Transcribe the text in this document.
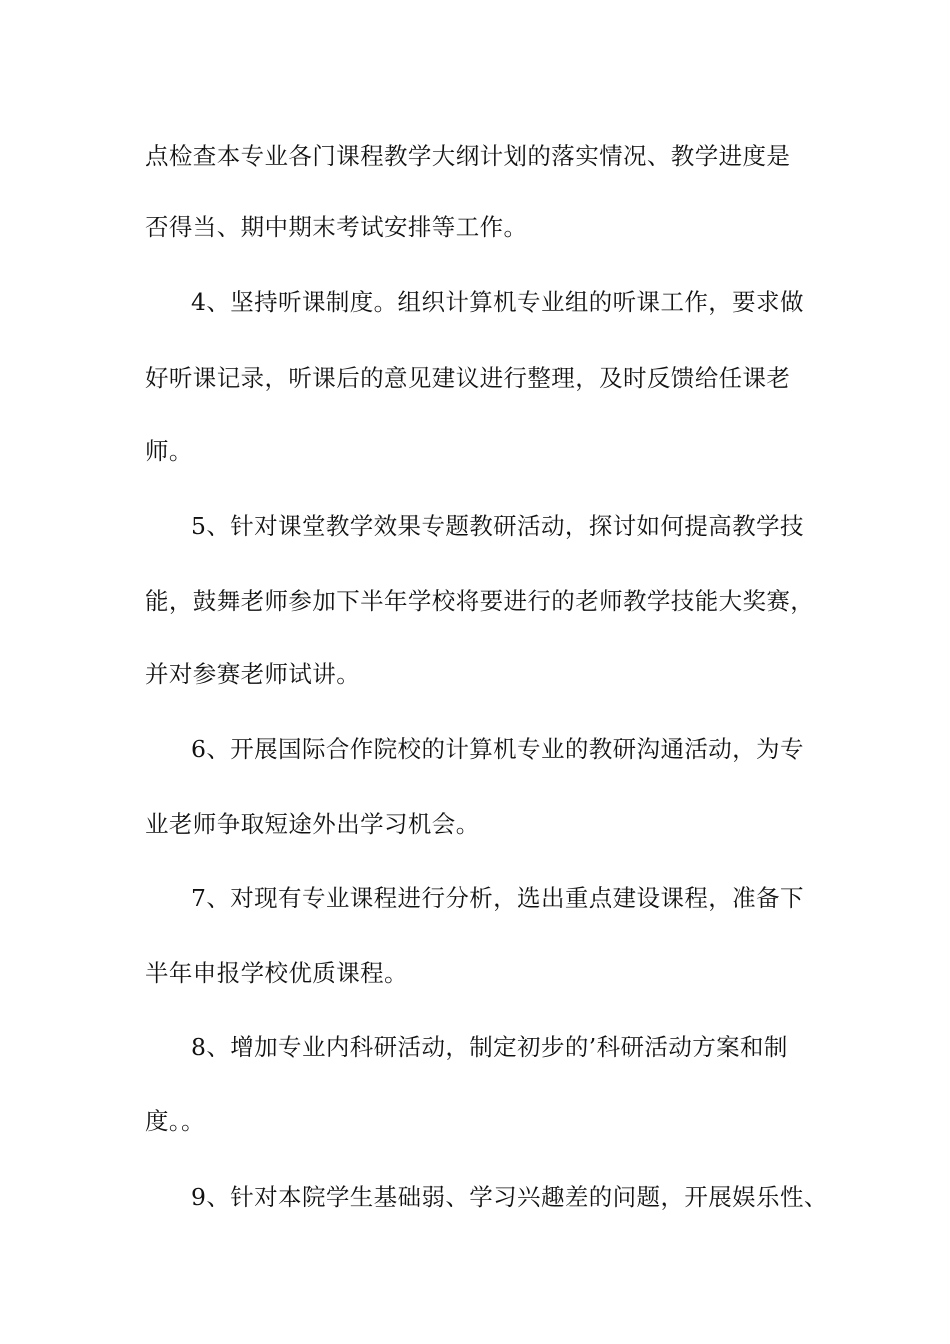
点检查本专业各门课程教学大纲计划的落实情况、教学进度是
否得当、期中期末考试安排等工作。
4、坚持听课制度。组织计算机专业组的听课工作，要求做
好听课记录，听课后的意见建议进行整理，及时反馈给任课老
师。
5、针对课堂教学效果专题教研活动，探讨如何提高教学技
能，鼓舞老师参加下半年学校将要进行的老师教学技能大奖赛，
并对参赛老师试讲。
6、开展国际合作院校的计算机专业的教研沟通活动，为专
业老师争取短途外出学习机会。
7、对现有专业课程进行分析，选出重点建设课程，准备下
半年申报学校优质课程。
8、增加专业内科研活动，制定初步的’科研活动方案和制
度。。
9、针对本院学生基础弱、学习兴趣差的问题，开展娱乐性、
